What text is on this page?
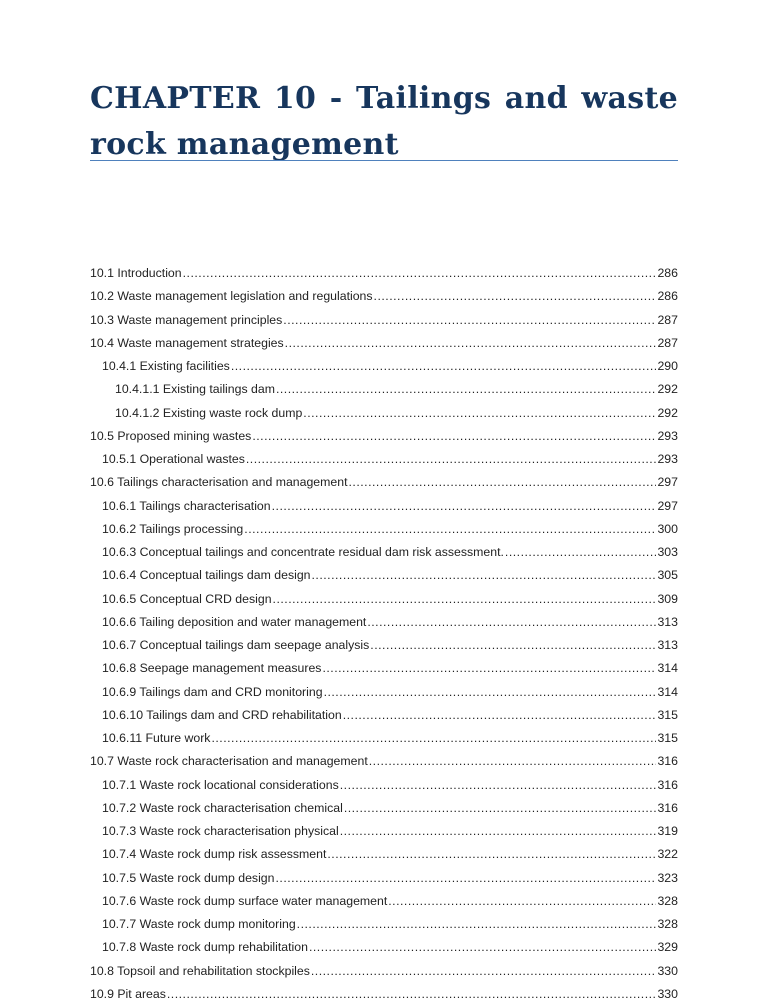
CHAPTER 10 - Tailings and waste rock management
10.1 Introduction .....	286
10.2 Waste management legislation and regulations .....	286
10.3 Waste management principles .....	287
10.4 Waste management strategies .....	287
10.4.1 Existing facilities .....	290
10.4.1.1 Existing tailings dam .....	292
10.4.1.2 Existing waste rock dump .....	292
10.5 Proposed mining wastes .....	293
10.5.1 Operational wastes .....	293
10.6 Tailings characterisation and management .....	297
10.6.1 Tailings characterisation .....	297
10.6.2 Tailings processing .....	300
10.6.3 Conceptual tailings and concentrate residual dam risk assessment. .....	303
10.6.4 Conceptual tailings dam design .....	305
10.6.5 Conceptual CRD design .....	309
10.6.6 Tailing deposition and water management .....	313
10.6.7 Conceptual tailings dam seepage analysis .....	313
10.6.8 Seepage management measures .....	314
10.6.9 Tailings dam and CRD monitoring .....	314
10.6.10 Tailings dam and CRD rehabilitation .....	315
10.6.11 Future work .....	315
10.7 Waste rock characterisation and management .....	316
10.7.1 Waste rock locational considerations .....	316
10.7.2 Waste rock characterisation chemical .....	316
10.7.3 Waste rock characterisation physical .....	319
10.7.4 Waste rock dump risk assessment .....	322
10.7.5 Waste rock dump design .....	323
10.7.6 Waste rock dump surface water management .....	328
10.7.7 Waste rock dump monitoring .....	328
10.7.8 Waste rock dump rehabilitation .....	329
10.8 Topsoil and rehabilitation stockpiles .....	330
10.9 Pit areas .....	330
